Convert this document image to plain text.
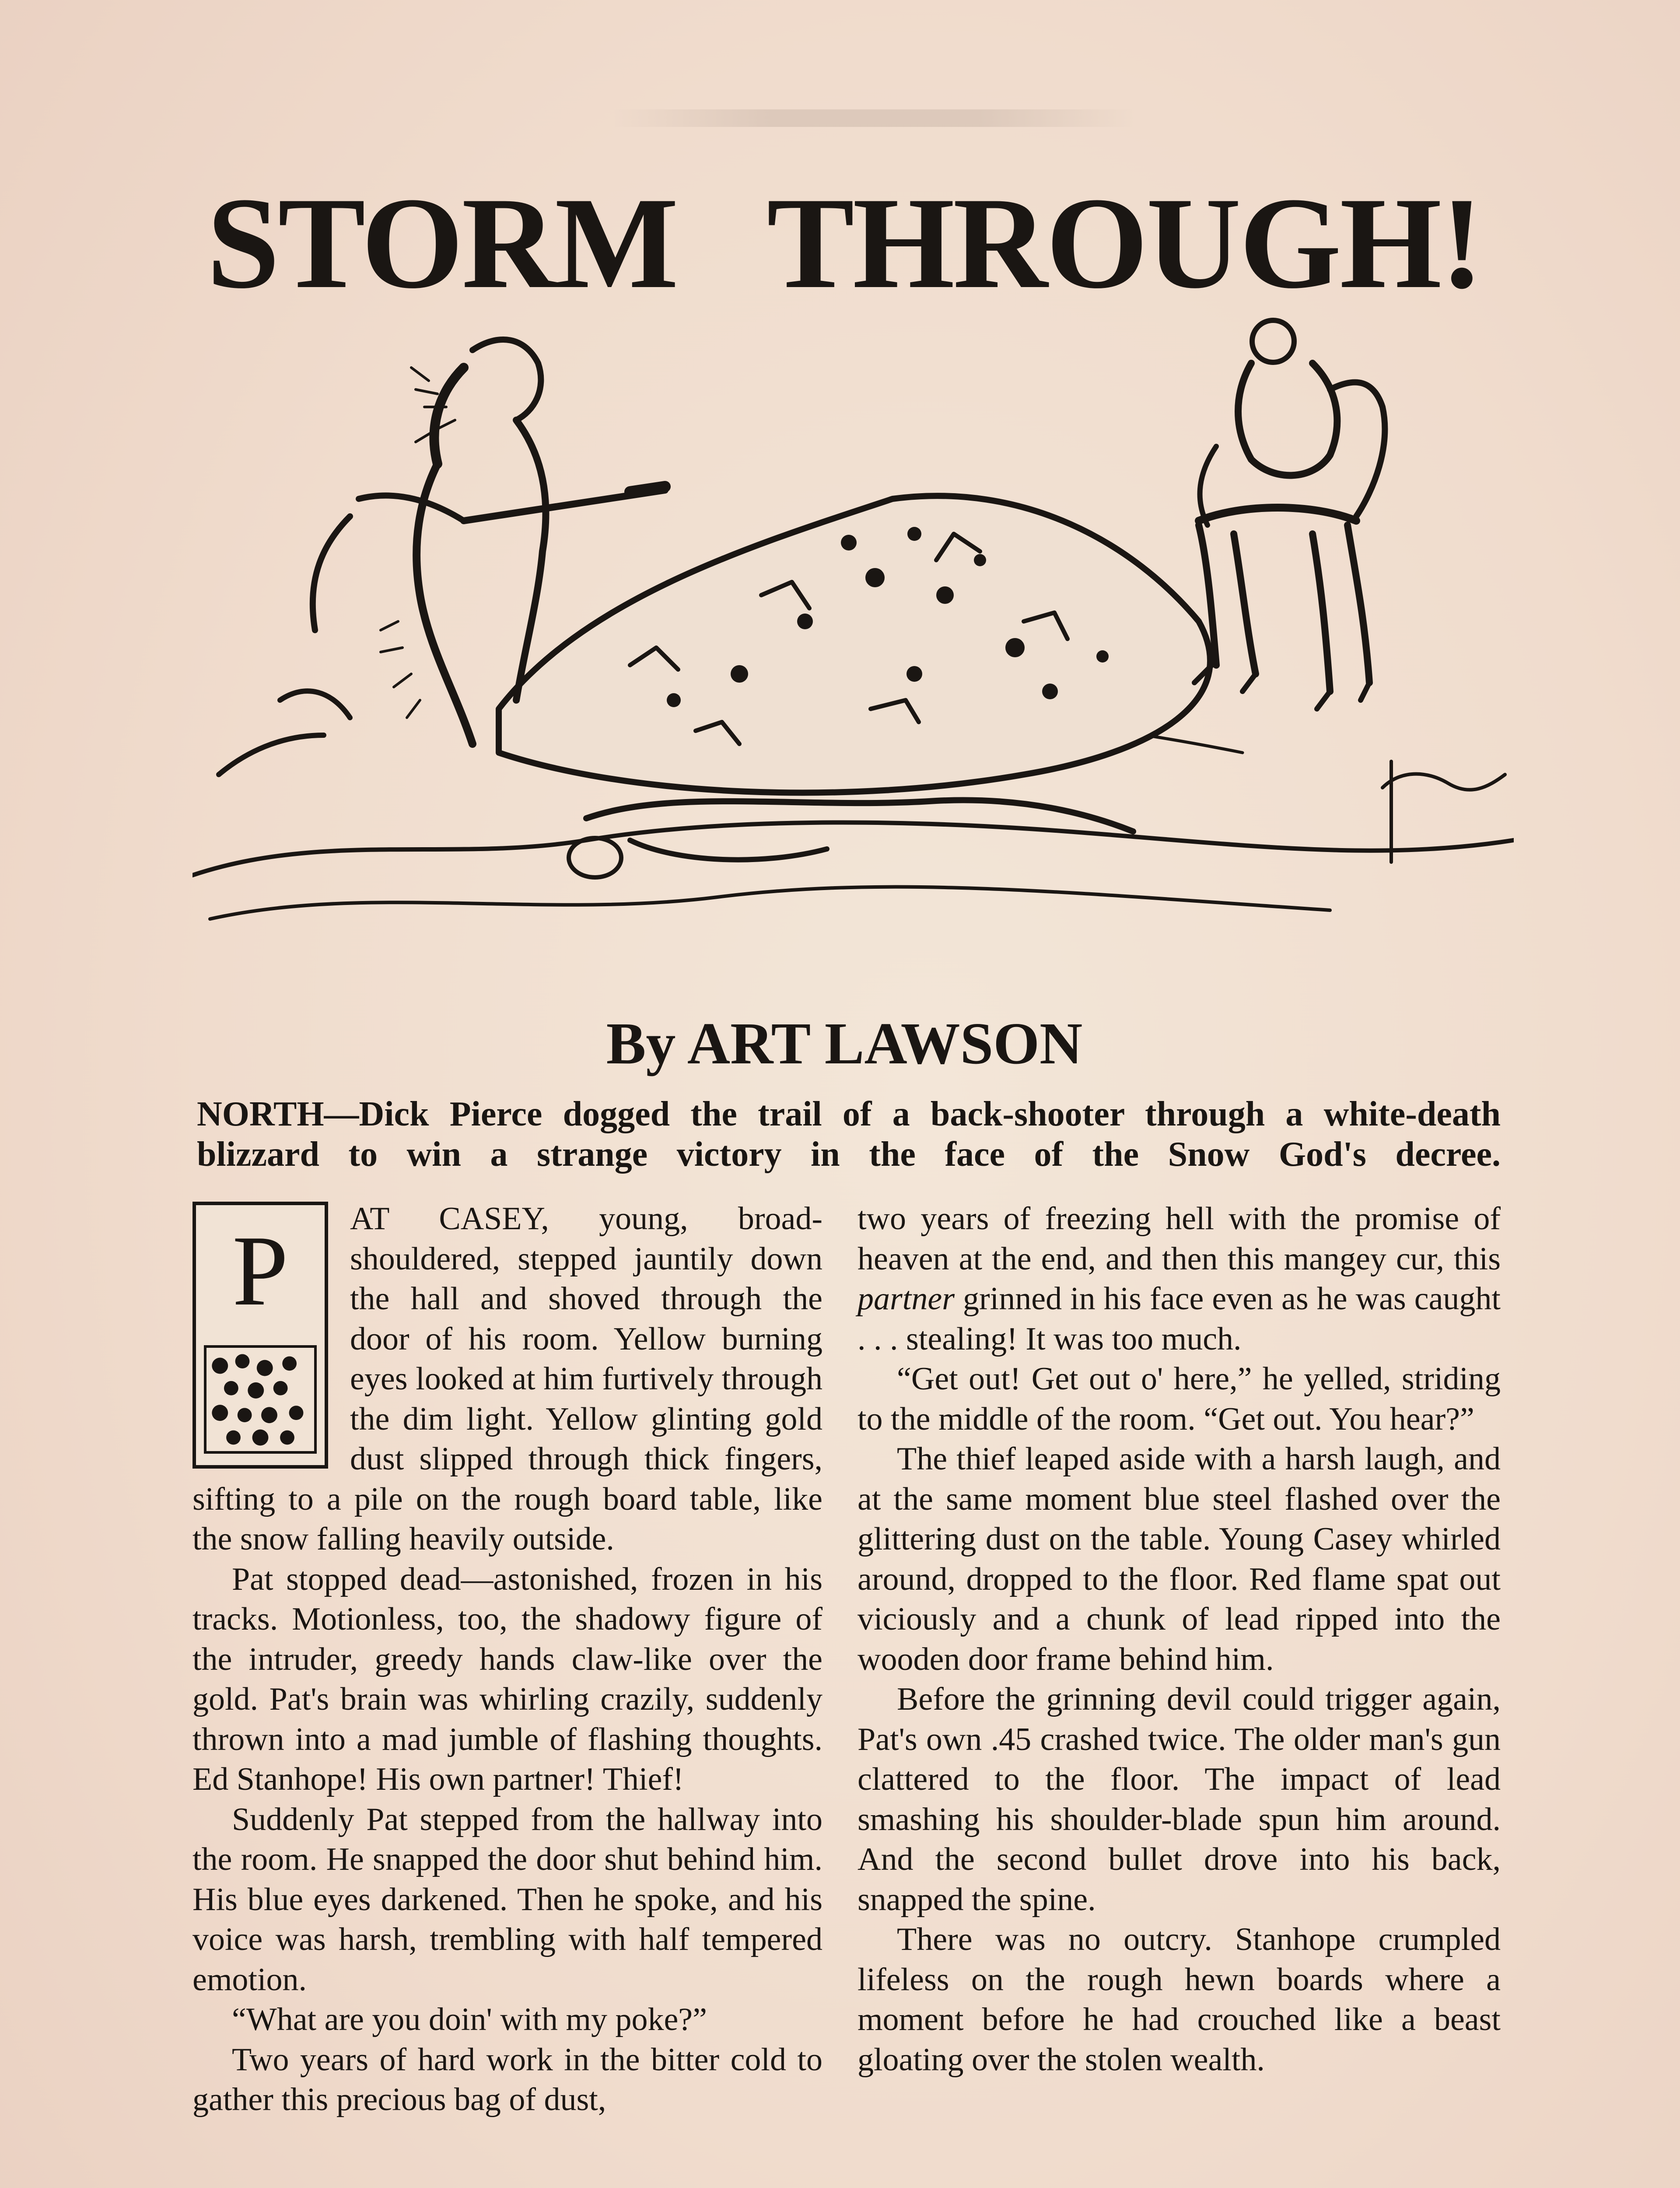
STORM THROUGH!
By ART LAWSON

NORTH—Dick Pierce dogged the trail of a back-shooter through a white-death blizzard to win a strange victory in the face of the Snow God's decree.

P	AT CASEY, young, broad-shouldered, stepped jauntily down the hall and shoved through the door of his room. Yellow burning eyes looked at him furtively through the dim light. Yellow glinting gold dust slipped through thick fingers, sifting to a pile on the rough board table, like the snow falling heavily outside.

Pat stopped dead—astonished, frozen in his tracks. Motionless, too, the shadowy figure of the intruder, greedy hands claw-like over the gold. Pat's brain was whirling crazily, suddenly thrown into a mad jumble of flashing thoughts. Ed Stanhope! His own partner! Thief!

Suddenly Pat stepped from the hallway into the room. He snapped the door shut behind him. His blue eyes darkened. Then he spoke, and his voice was harsh, trembling with half tempered emotion.

“What are you doin' with my poke?”

Two years of hard work in the bitter cold to gather this precious bag of dust,

two years of freezing hell with the promise of heaven at the end, and then this mangey cur, this partner grinned in his face even as he was caught . . . stealing! It was too much.

“Get out! Get out o' here,” he yelled, striding to the middle of the room. “Get out. You hear?”

The thief leaped aside with a harsh laugh, and at the same moment blue steel flashed over the glittering dust on the table. Young Casey whirled around, dropped to the floor. Red flame spat out viciously and a chunk of lead ripped into the wooden door frame behind him.

Before the grinning devil could trigger again, Pat's own .45 crashed twice. The older man's gun clattered to the floor. The impact of lead smashing his shoulder-blade spun him around. And the second bullet drove into his back, snapped the spine.

There was no outcry. Stanhope crumpled lifeless on the rough hewn boards where a moment before he had crouched like a beast gloating over the stolen wealth.
